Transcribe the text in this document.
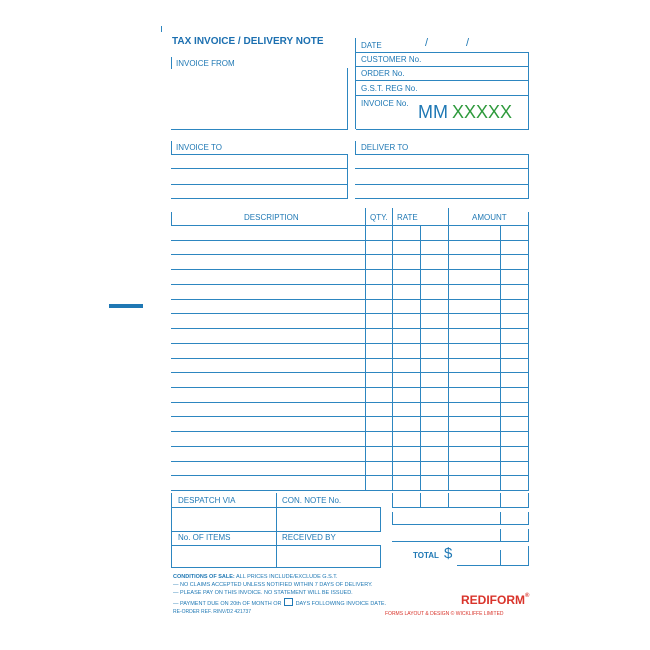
TAX INVOICE / DELIVERY NOTE
INVOICE FROM
DATE	/	/
CUSTOMER No.
ORDER No.
G.S.T. REG No.
INVOICE No. MM XXXXX
INVOICE TO	DELIVER TO
DESCRIPTION	QTY. RATE	AMOUNT
DESPATCH VIA	CON. NOTE No.
No. OF ITEMS	RECEIVED BY
TOTAL $
CONDITIONS OF SALE: ALL PRICES INCLUDE/EXCLUDE G.S.T.
— NO CLAIMS ACCEPTED UNLESS NOTIFIED WITHIN 7 DAYS OF DELIVERY.
— PLEASE PAY ON THIS INVOICE. NO STATEMENT WILL BE ISSUED.
— PAYMENT DUE ON 20th OF MONTH OR	DAYS FOLLOWING INVOICE DATE.
RE-ORDER REF. RINV/D2 421737
REDIFORM®
FORMS LAYOUT & DESIGN © WICKLIFFE LIMITED
